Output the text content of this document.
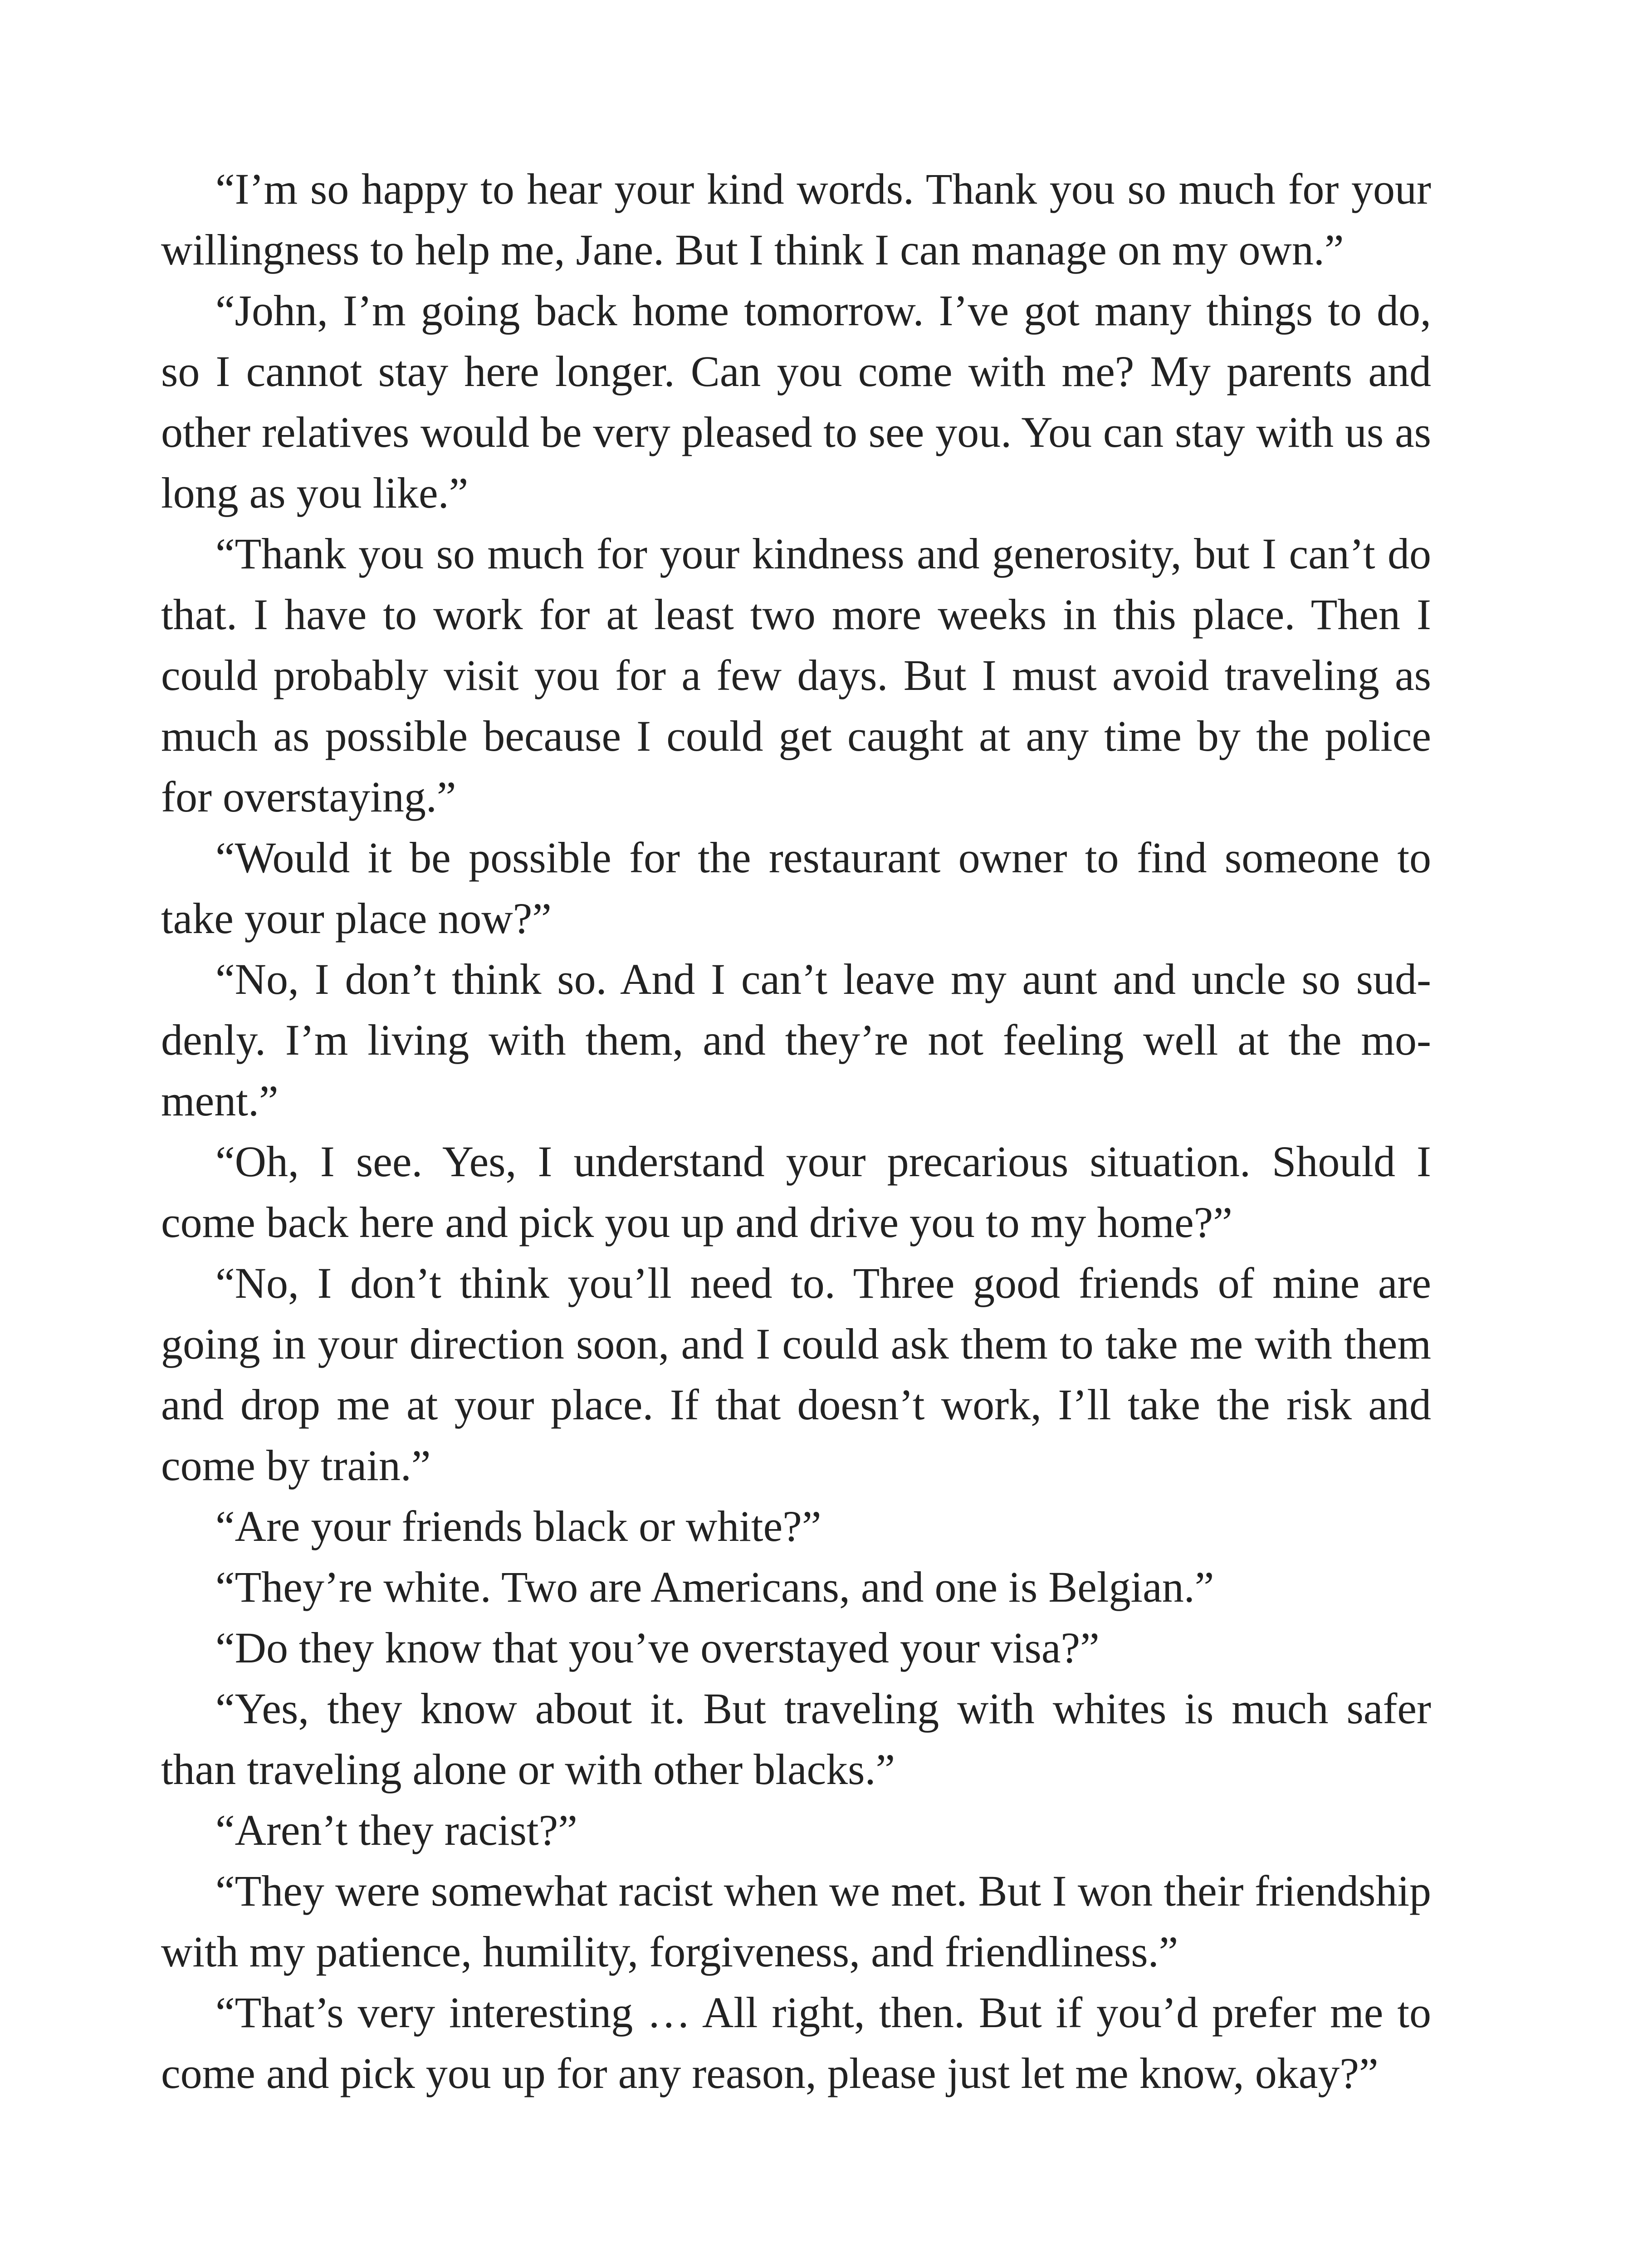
“I’m so happy to hear your kind words. Thank you so much for your willingness to help me, Jane. But I think I can manage on my own.”

“John, I’m going back home tomorrow. I’ve got many things to do, so I cannot stay here longer. Can you come with me? My parents and other relatives would be very pleased to see you. You can stay with us as long as you like.”

“Thank you so much for your kindness and generosity, but I can’t do that. I have to work for at least two more weeks in this place. Then I could probably visit you for a few days. But I must avoid traveling as much as possible because I could get caught at any time by the police for overstaying.”

“Would it be possible for the restaurant owner to find someone to take your place now?”

“No, I don’t think so. And I can’t leave my aunt and uncle so suddenly. I’m living with them, and they’re not feeling well at the moment.”

“Oh, I see. Yes, I understand your precarious situation. Should I come back here and pick you up and drive you to my home?”

“No, I don’t think you’ll need to. Three good friends of mine are going in your direction soon, and I could ask them to take me with them and drop me at your place. If that doesn’t work, I’ll take the risk and come by train.”

“Are your friends black or white?”

“They’re white. Two are Americans, and one is Belgian.”

“Do they know that you’ve overstayed your visa?”

“Yes, they know about it. But traveling with whites is much safer than traveling alone or with other blacks.”

“Aren’t they racist?”

“They were somewhat racist when we met. But I won their friendship with my patience, humility, forgiveness, and friendliness.”

“That’s very interesting … All right, then. But if you’d prefer me to come and pick you up for any reason, please just let me know, okay?”
